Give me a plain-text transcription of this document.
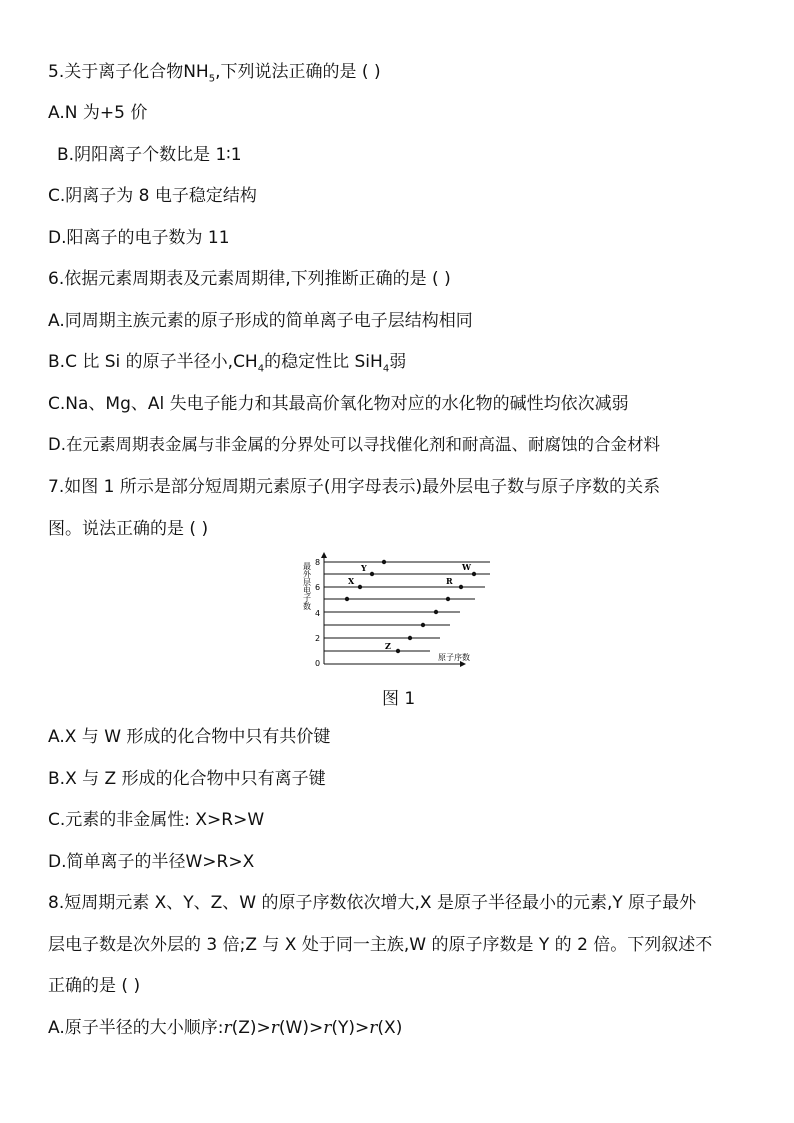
5.关于离子化合物$NH_5$,下列说法正确的是 ( )
A.N 为+5 价
B.阴阳离子个数比是 1∶1
C.阴离子为 8 电子稳定结构
D.阳离子的电子数为 11
6.依据元素周期表及元素周期律,下列推断正确的是 ( )
A.同周期主族元素的原子形成的简单离子电子层结构相同
B.C 比 Si 的原子半径小$,CH_4$的稳定性比 SiH$_4$弱
C.Na、Mg、Al 失电子能力和其最高价氧化物对应的水化物的碱性均依次减弱
D.在元素周期表金属与非金属的分界处可以寻找催化剂和耐高温、耐腐蚀的合金材料
7.如图 1 所示是部分短周期元素原子(用字母表示)最外层电子数与原子序数的关系
图。说法正确的是 ( )
0
2
4
6
8
最外层电子数	Y	W
X	R
Z
原子序数
图 1
A.X 与 W 形成的化合物中只有共价键
B.X 与 Z 形成的化合物中只有离子键
C.元素的非金属性: X>R>W
D.简单离子的半径W>R>X
8.短周期元素 X、Y、Z、W 的原子序数依次增大,X 是原子半径最小的元素,Y 原子最外
层电子数是次外层的 3 倍;Z 与 X 处于同一主族,W 的原子序数是 Y 的 2 倍。下列叙述不
正确的是 ( )
A.原子半径的大小顺序:r(Z)>r(W)>r(Y)>r(X)
